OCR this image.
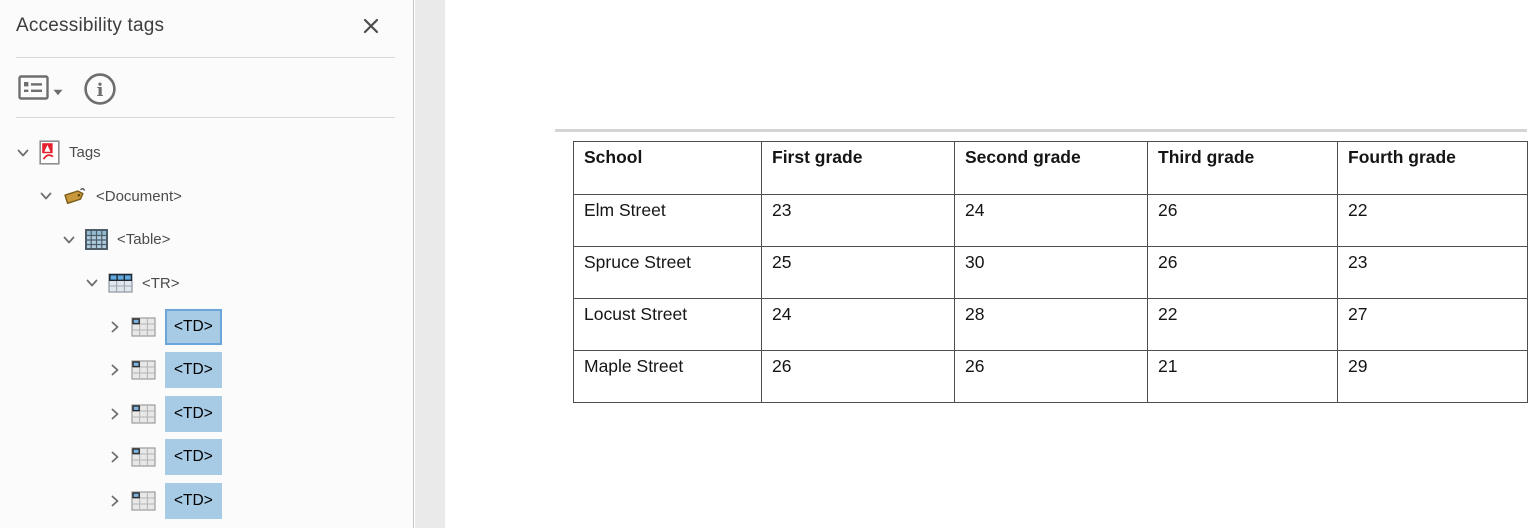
Accessibility tags
i
Tags
<Document>
<Table>
<TR>
<TD>
<TD>
<TD>
<TD>
<TD>
School	First grade	Second grade	Third grade	Fourth grade
Elm Street	23	24	26	22
Spruce Street	25	30	26	23
Locust Street	24	28	22	27
Maple Street	26	26	21	29
